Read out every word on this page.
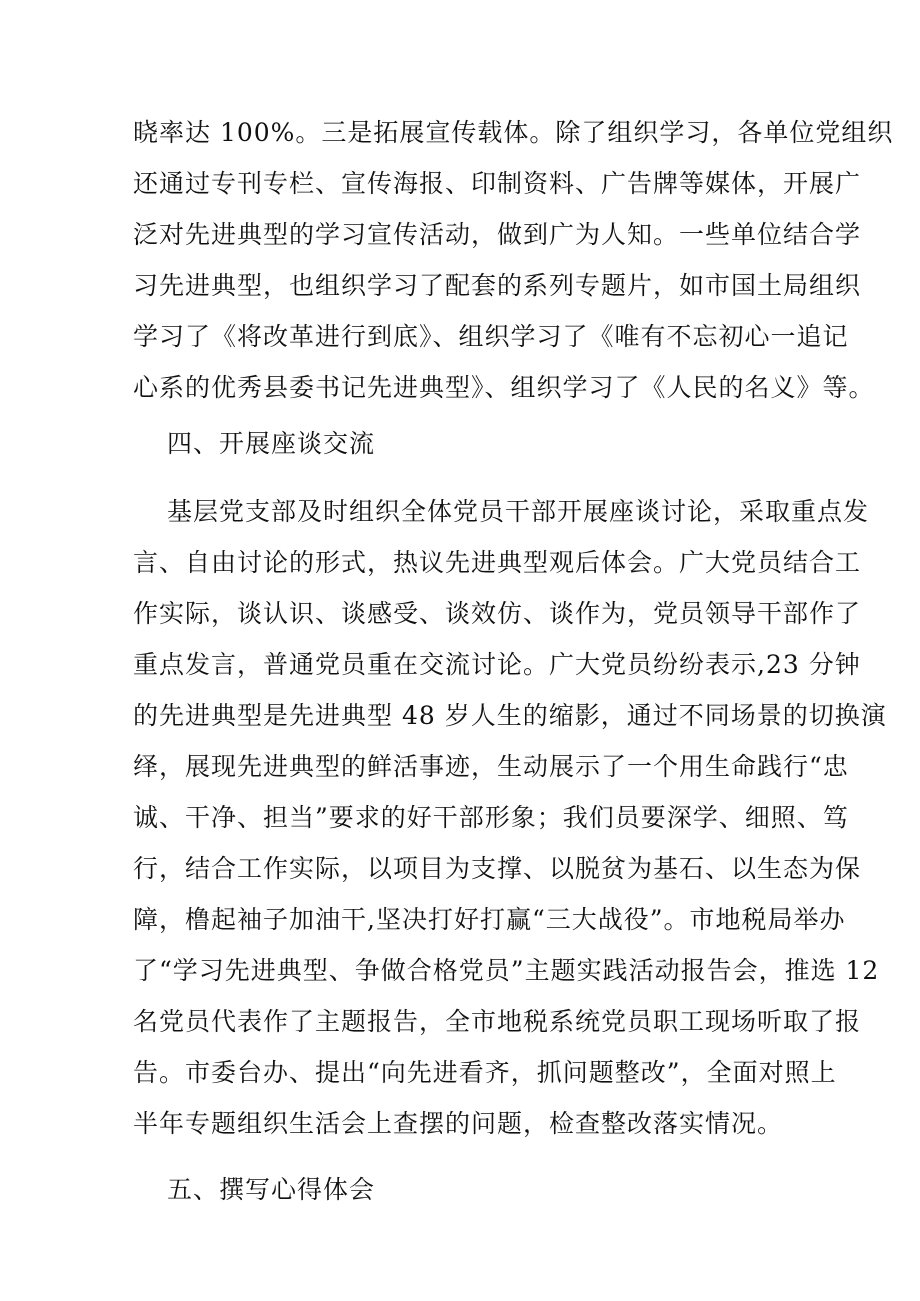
晓率达 100%。三是拓展宣传载体。除了组织学习，各单位党组织
还通过专刊专栏、宣传海报、印制资料、广告牌等媒体，开展广
泛对先进典型的学习宣传活动，做到广为人知。一些单位结合学
习先进典型，也组织学习了配套的系列专题片，如市国土局组织
学习了《将改革进行到底》、组织学习了《唯有不忘初心一追记
心系的优秀县委书记先进典型》、组织学习了《人民的名义》等。
四、开展座谈交流
基层党支部及时组织全体党员干部开展座谈讨论，采取重点发
言、自由讨论的形式，热议先进典型观后体会。广大党员结合工
作实际，谈认识、谈感受、谈效仿、谈作为，党员领导干部作了
重点发言，普通党员重在交流讨论。广大党员纷纷表示,23 分钟
的先进典型是先进典型 48 岁人生的缩影，通过不同场景的切换演
绎，展现先进典型的鲜活事迹，生动展示了一个用生命践行“忠
诚、干净、担当”要求的好干部形象；我们员要深学、细照、笃
行，结合工作实际，以项目为支撑、以脱贫为基石、以生态为保
障，橹起袖子加油干,坚决打好打赢“三大战役”。市地税局举办
了“学习先进典型、争做合格党员”主题实践活动报告会，推选 12
名党员代表作了主题报告，全市地税系统党员职工现场听取了报
告。市委台办、提出“向先进看齐，抓问题整改”，全面对照上
半年专题组织生活会上查摆的问题，检查整改落实情况。
五、撰写心得体会
